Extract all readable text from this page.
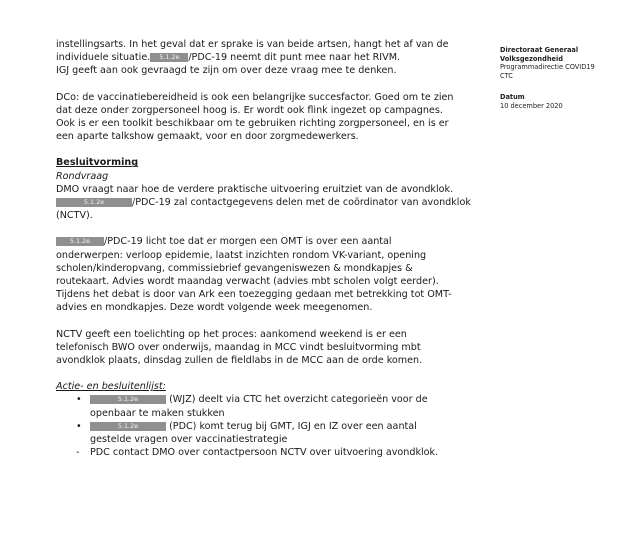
Directoraat Generaal
Volksgezondheid
Programmadirectie COVID19
CTC
Datum
10 december 2020

instellingsarts. In het geval dat er sprake is van beide artsen, hangt het af van de

individuele situatie. 5.1.2e /PDC-19 neemt dit punt mee naar het RIVM.

IGJ geeft aan ook gevraagd te zijn om over deze vraag mee te denken.

DCo: de vaccinatiebereidheid is ook een belangrijke succesfactor. Goed om te zien

dat deze onder zorgpersoneel hoog is. Er wordt ook flink ingezet op campagnes.

Ook is er een toolkit beschikbaar om te gebruiken richting zorgpersoneel, en is er

een aparte talkshow gemaakt, voor en door zorgmedewerkers.

Besluitvorming

Rondvraag

DMO vraagt naar hoe de verdere praktische uitvoering eruitziet van de avondklok.

5.1.2e	/PDC-19 zal contactgegevens delen met de coördinator van avondklok

(NCTV).

5.1.2e /PDC-19 licht toe dat er morgen een OMT is over een aantal

onderwerpen: verloop epidemie, laatst inzichten rondom VK-variant, opening

scholen/kinderopvang, commissiebrief gevangeniswezen & mondkapjes &

routekaart. Advies wordt maandag verwacht (advies mbt scholen volgt eerder).

Tijdens het debat is door van Ark een toezegging gedaan met betrekking tot OMT-

advies en mondkapjes. Deze wordt volgende week meegenomen.

NCTV geeft een toelichting op het proces: aankomend weekend is er een

telefonisch BWO over onderwijs, maandag in MCC vindt besluitvorming mbt

avondklok plaats, dinsdag zullen de fieldlabs in de MCC aan de orde komen.

Actie- en besluitenlijst:

•	5.1.2e	(WJZ) deelt via CTC het overzicht categorieën voor de
openbaar te maken stukken
•	5.1.2e	(PDC) komt terug bij GMT, IGJ en IZ over een aantal
gestelde vragen over vaccinatiestrategie
- PDC contact DMO over contactpersoon NCTV over uitvoering avondklok.
